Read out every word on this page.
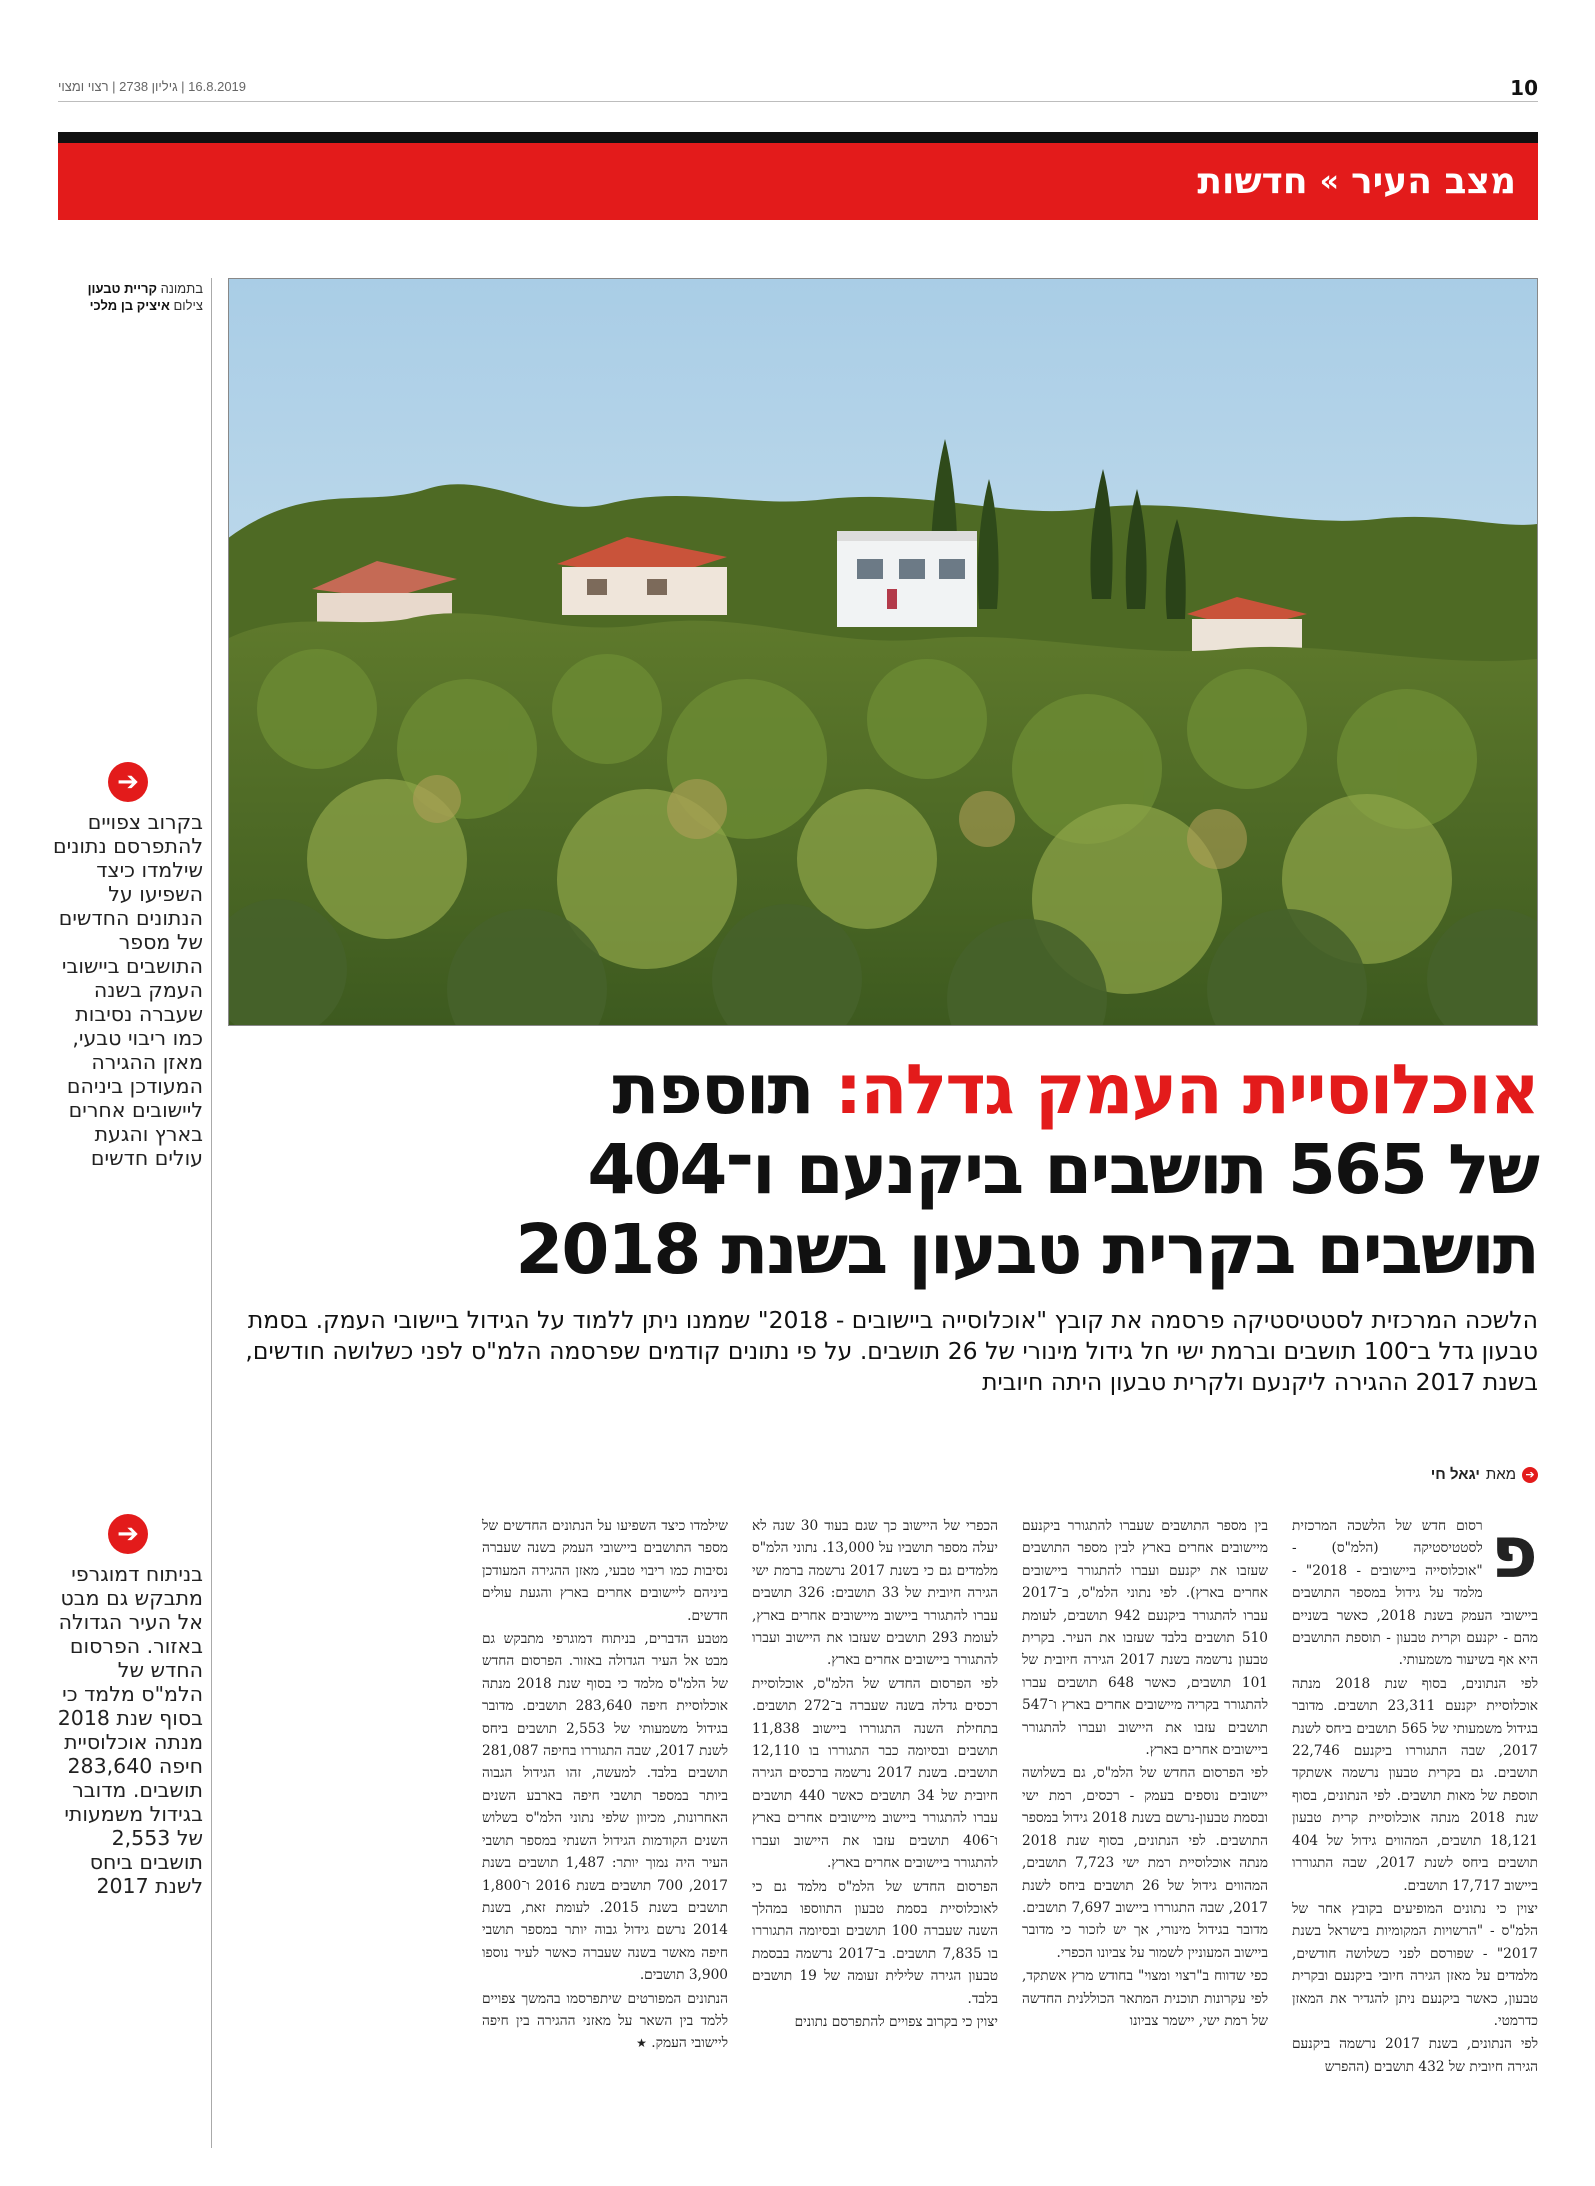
10
16.8.2019 | גיליון 2738 | רצוי ומצוי
מצב העיר
»
חדשות
בתמונה קריית טבעון
צילום איציק בן מלכי
➔
בקרוב צפויים להתפרסם נתונים שילמדו כיצד השפיעו על הנתונים החדשים של מספר התושבים ביישובי העמק בשנה שעברה נסיבות כמו ריבוי טבעי, מאזן ההגירה המעודכן ביניהם ליישובים אחרים בארץ והגעת עולים חדשים
➔
בניתוח דמוגרפי מתבקש גם מבט אל העיר הגדולה באזור. הפרסום החדש של הלמ"ס מלמד כי בסוף שנת 2018 מנתה אוכלוסיית חיפה 283,640 תושבים. מדובר בגידול משמעותי של 2,553 תושבים ביחס לשנת 2017
אוכלוסיית העמק גדלה: תוספת
של 565 תושבים ביקנעם ו־404
תושבים בקרית טבעון בשנת 2018
הלשכה המרכזית לסטטיסטיקה פרסמה את קובץ "אוכלוסייה ביישובים - 2018" שממנו ניתן ללמוד על הגידול ביישובי העמק. בסמת טבעון גדל ב־100 תושבים וברמת ישי חל גידול מינורי של 26 תושבים. על פי נתונים קודמים שפרסמה הלמ"ס לפני כשלושה חודשים, בשנת 2017 ההגירה ליקנעם ולקרית טבעון היתה חיובית
➔
מאת
יגאל חי
פ

רסום חדש של הלשכה המרכזית לסטטיסטיקה (הלמ"ס) - "אוכלוסייה ביישובים - 2018" - מלמד על גידול במספר התושבים ביישובי העמק בשנת 2018, כאשר בשניים מהם - יקנעם וקרית טבעון - תוספת התושבים היא אף בשיעור משמעותי.

לפי הנתונים, בסוף שנת 2018 מנתה אוכלוסיית יקנעם 23,311 תושבים. מדובר בגידול משמעותי של 565 תושבים ביחס לשנת 2017, שבה התגוררו ביקנעם 22,746 תושבים. גם בקרית טבעון נרשמה אשתקד תוספת של מאות תושבים. לפי הנתונים, בסוף שנת 2018 מנתה אוכלוסיית קרית טבעון 18,121 תושבים, המהווים גידול של 404 תושבים ביחס לשנת 2017, שבה התגוררו ביישוב 17,717 תושבים.

יצוין כי נתונים המופיעים בקובץ אחר של הלמ"ס - "הרשויות המקומיות בישראל בשנת 2017" - שפורסם לפני כשלושה חודשים, מלמדים על מאזן הגירה חיובי ביקנעם ובקרית טבעון, כאשר ביקנעם ניתן להגדיר את המאזן כדרמטי.

לפי הנתונים, בשנת 2017 נרשמה ביקנעם הגירה חיובית של 432 תושבים (ההפרש

בין מספר התושבים שעברו להתגורר ביקנעם מיישובים אחרים בארץ לבין מספר התושבים שעזבו את יקנעם ועברו להתגורר ביישובים אחרים בארץ). לפי נתוני הלמ"ס, ב־2017 עברו להתגורר ביקנעם 942 תושבים, לעומת 510 תושבים בלבד שעזבו את העיר. בקרית טבעון נרשמה בשנת 2017 הגירה חיובית של 101 תושבים, כאשר 648 תושבים עברו להתגורר בקריה מיישובים אחרים בארץ ו־547 תושבים עזבו את היישוב ועברו להתגורר ביישובים אחרים בארץ.

לפי הפרסום החדש של הלמ"ס, גם בשלושה יישובים נוספים בעמק - רכסים, רמת ישי ובסמת טבעון-נרשם בשנת 2018 גידול במספר התושבים. לפי הנתונים, בסוף שנת 2018 מנתה אוכלוסיית רמת ישי 7,723 תושבים, המהווים גידול של 26 תושבים ביחס לשנת 2017, שבה התגוררו ביישוב 7,697 תושבים. מדובר בגידול מינורי, אך יש לזכור כי מדובר ביישוב המעוניין לשמור על צביונו הכפרי.

כפי שדווח ב"רצוי ומצוי" בחודש מרץ אשתקד, לפי עקרונות תוכנית המתאר הכוללנית החדשה של רמת ישי, יישמר צביונו

הכפרי של היישוב כך שגם בעוד 30 שנה לא יעלה מספר תושביו על 13,000. נתוני הלמ"ס מלמדים גם כי בשנת 2017 נרשמה ברמת ישי הגירה חיובית של 33 תושבים: 326 תושבים עברו להתגורר ביישוב מיישובים אחרים בארץ, לעומת 293 תושבים שעזבו את היישוב ועברו להתגורר ביישובים אחרים בארץ.

לפי הפרסום החדש של הלמ"ס, אוכלוסיית רכסים גדלה בשנה שעברה ב־272 תושבים. בתחילת השנה התגוררו ביישוב 11,838 תושבים ובסיומה כבר התגוררו בו 12,110 תושבים. בשנת 2017 נרשמה ברכסים הגירה חיובית של 34 תושבים כאשר 440 תושבים עברו להתגורר ביישוב מיישובים אחרים בארץ ו־406 תושבים עזבו את היישוב ועברו להתגורר ביישובים אחרים בארץ.

הפרסום החדש של הלמ"ס מלמד גם כי לאוכלוסיית בסמת טבעון התווספו במהלך השנה שעברה 100 תושבים ובסיומה התגוררו בו 7,835 תושבים. ב־2017 נרשמה בבסמת טבעון הגירה שלילית זעומה של 19 תושבים בלבד.

יצוין כי בקרוב צפויים להתפרסם נתונים

שילמדו כיצד השפיעו על הנתונים החדשים של מספר התושבים ביישובי העמק בשנה שעברה נסיבות כמו ריבוי טבעי, מאזן ההגירה המעודכן ביניהם ליישובים אחרים בארץ והגעת עולים חדשים.

מטבע הדברים, בניתוח דמוגרפי מתבקש גם מבט אל העיר הגדולה באזור. הפרסום החדש של הלמ"ס מלמד כי בסוף שנת 2018 מנתה אוכלוסיית חיפה 283,640 תושבים. מדובר בגידול משמעותי של 2,553 תושבים ביחס לשנת 2017, שבה התגוררו בחיפה 281,087 תושבים בלבד. למעשה, זהו הגידול הגבוה ביותר במספר תושבי חיפה בארבע השנים האחרונות, מכיוון שלפי נתוני הלמ"ס בשלוש השנים הקודמות הגידול השנתי במספר תושבי העיר היה נמוך יותר: 1,487 תושבים בשנת 2017, 700 תושבים בשנת 2016 ו־1,800 תושבים בשנת 2015. לעומת זאת, בשנת 2014 נרשם גידול גבוה יותר במספר תושבי חיפה מאשר בשנה שעברה כאשר לעיר נוספו 3,900 תושבים.

הנתונים המפורטים שיתפרסמו בהמשך צפויים ללמד בין השאר על מאזני ההגירה בין חיפה ליישובי העמק. ★
